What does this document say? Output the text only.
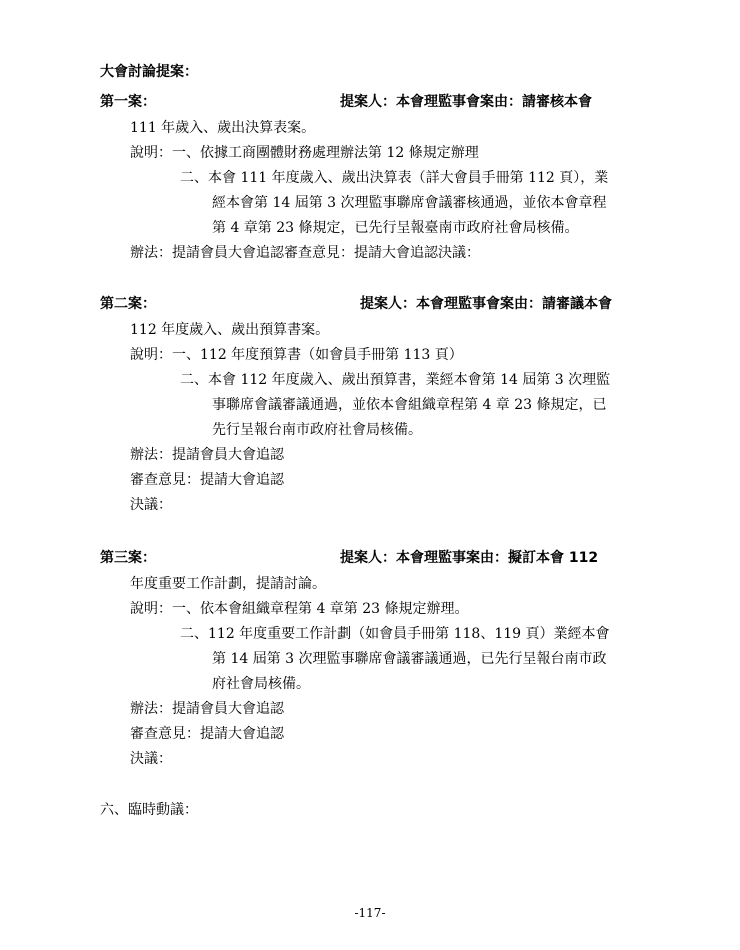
大會討論提案：
第一案：	提案人：本會理監事會案由：請審核本會
111 年歲入、歲出決算表案。
說明：一、依據工商團體財務處理辦法第 12 條規定辦理
二、本會 111 年度歲入、歲出決算表（詳大會員手冊第 112 頁），業
經本會第 14 屆第 3 次理監事聯席會議審核通過，並依本會章程
第 4 章第 23 條規定，已先行呈報臺南市政府社會局核備。
辦法：提請會員大會追認審查意見：提請大會追認決議：
第二案：	提案人：本會理監事會案由：請審議本會
112 年度歲入、歲出預算書案。
說明：一、112 年度預算書（如會員手冊第 113 頁）
二、本會 112 年度歲入、歲出預算書，業經本會第 14 屆第 3 次理監
事聯席會議審議通過，並依本會組織章程第 4 章 23 條規定，已
先行呈報台南市政府社會局核備。
辦法：提請會員大會追認
審查意見：提請大會追認
決議：
第三案：	提案人：本會理監事案由：擬訂本會 112
年度重要工作計劃，提請討論。
說明：一、依本會組織章程第 4 章第 23 條規定辦理。
二、112 年度重要工作計劃（如會員手冊第 118、119 頁）業經本會
第 14 屆第 3 次理監事聯席會議審議通過，已先行呈報台南市政
府社會局核備。
辦法：提請會員大會追認
審查意見：提請大會追認
決議：
六、臨時動議：
-117-
